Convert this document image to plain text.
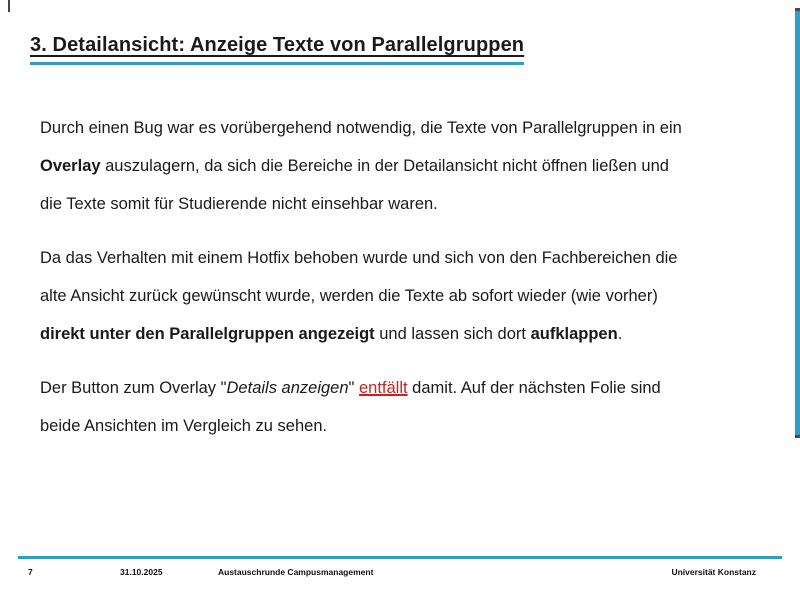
3. Detailansicht: Anzeige Texte von Parallelgruppen

Durch einen Bug war es vorübergehend notwendig, die Texte von Parallelgruppen in ein
Overlay auszulagern, da sich die Bereiche in der Detailansicht nicht öffnen ließen und
die Texte somit für Studierende nicht einsehbar waren.

Da das Verhalten mit einem Hotfix behoben wurde und sich von den Fachbereichen die
alte Ansicht zurück gewünscht wurde, werden die Texte ab sofort wieder (wie vorher)
direkt unter den Parallelgruppen angezeigt und lassen sich dort aufklappen.

Der Button zum Overlay "Details anzeigen" entfällt damit. Auf der nächsten Folie sind
beide Ansichten im Vergleich zu sehen.

7	31.10.2025	Austauschrunde Campusmanagement	Universität Konstanz
